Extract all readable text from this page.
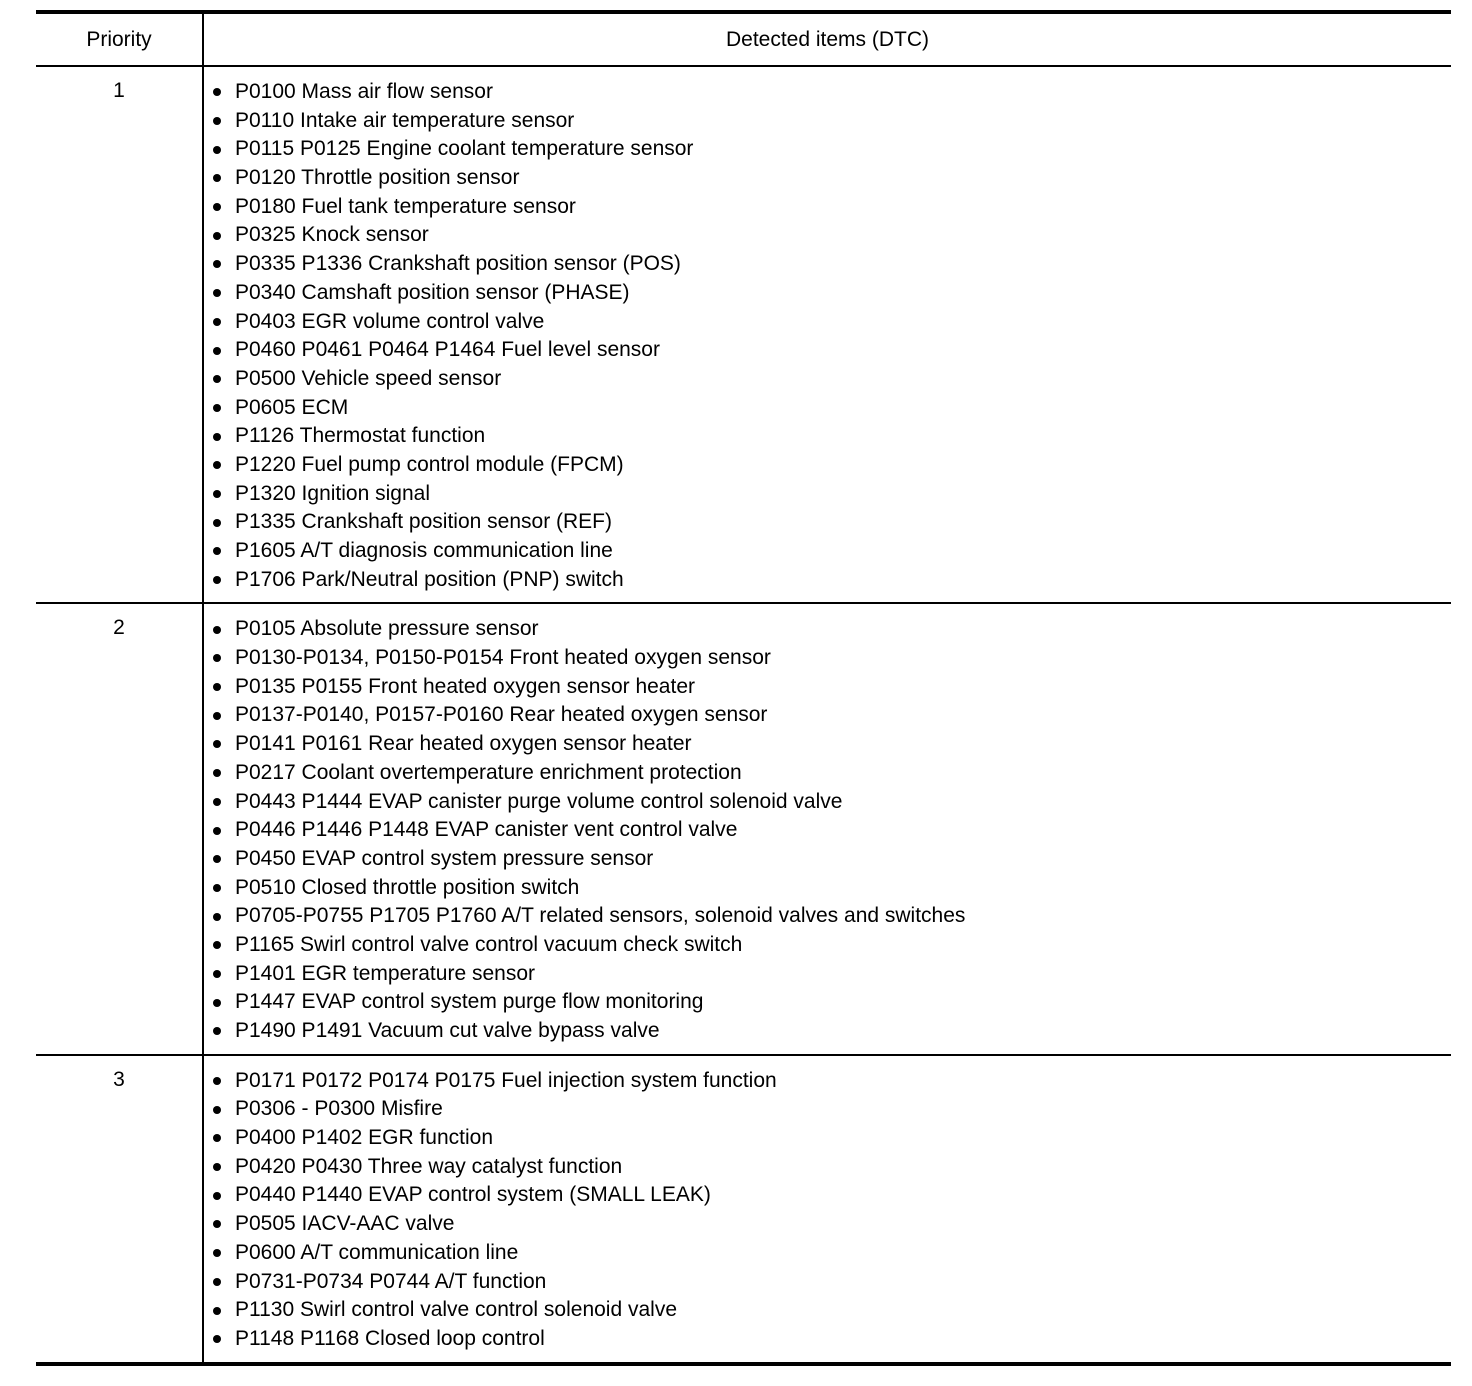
Priority	Detected items (DTC)
1	P0100 Mass air flow sensor
P0110 Intake air temperature sensor
P0115 P0125 Engine coolant temperature sensor
P0120 Throttle position sensor
P0180 Fuel tank temperature sensor
P0325 Knock sensor
P0335 P1336 Crankshaft position sensor (POS)
P0340 Camshaft position sensor (PHASE)
P0403 EGR volume control valve
P0460 P0461 P0464 P1464 Fuel level sensor
P0500 Vehicle speed sensor
P0605 ECM
P1126 Thermostat function
P1220 Fuel pump control module (FPCM)
P1320 Ignition signal
P1335 Crankshaft position sensor (REF)
P1605 A/T diagnosis communication line
P1706 Park/Neutral position (PNP) switch
2	P0105 Absolute pressure sensor
P0130-P0134, P0150-P0154 Front heated oxygen sensor
P0135 P0155 Front heated oxygen sensor heater
P0137-P0140, P0157-P0160 Rear heated oxygen sensor
P0141 P0161 Rear heated oxygen sensor heater
P0217 Coolant overtemperature enrichment protection
P0443 P1444 EVAP canister purge volume control solenoid valve
P0446 P1446 P1448 EVAP canister vent control valve
P0450 EVAP control system pressure sensor
P0510 Closed throttle position switch
P0705-P0755 P1705 P1760 A/T related sensors, solenoid valves and switches
P1165 Swirl control valve control vacuum check switch
P1401 EGR temperature sensor
P1447 EVAP control system purge flow monitoring
P1490 P1491 Vacuum cut valve bypass valve
3	P0171 P0172 P0174 P0175 Fuel injection system function
P0306 - P0300 Misfire
P0400 P1402 EGR function
P0420 P0430 Three way catalyst function
P0440 P1440 EVAP control system (SMALL LEAK)
P0505 IACV-AAC valve
P0600 A/T communication line
P0731-P0734 P0744 A/T function
P1130 Swirl control valve control solenoid valve
P1148 P1168 Closed loop control
